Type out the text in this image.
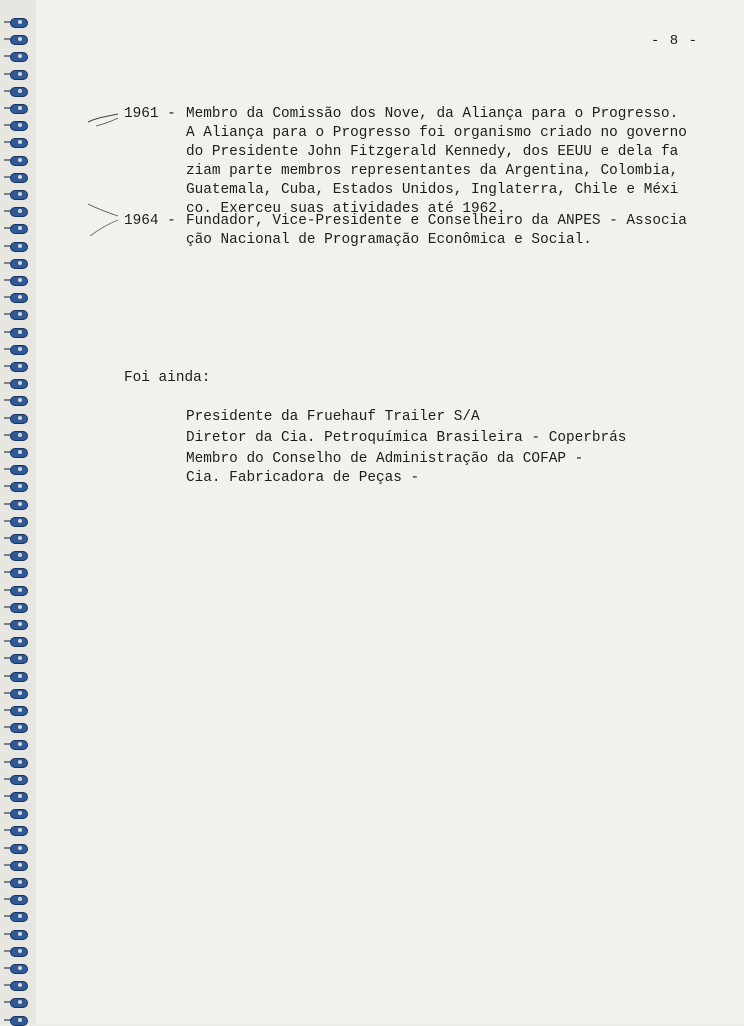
- 8 -
1961 - Membro da Comissão dos Nove, da Aliança para o Progresso.
A Aliança para o Progresso foi organismo criado no governo
do Presidente John Fitzgerald Kennedy, dos EEUU e dela fa
ziam parte membros representantes da Argentina, Colombia,
Guatemala, Cuba, Estados Unidos, Inglaterra, Chile e Méxi
co. Exerceu suas atividades até 1962.
1964 - Fundador, Vice-Presidente e Conselheiro da ANPES - Associa
ção Nacional de Programação Econômica e Social.
Foi ainda:
Presidente da Fruehauf Trailer S/A
Diretor da Cia. Petroquímica Brasileira - Coperbrás
Membro do Conselho de Administração da COFAP -
Cia. Fabricadora de Peças -
